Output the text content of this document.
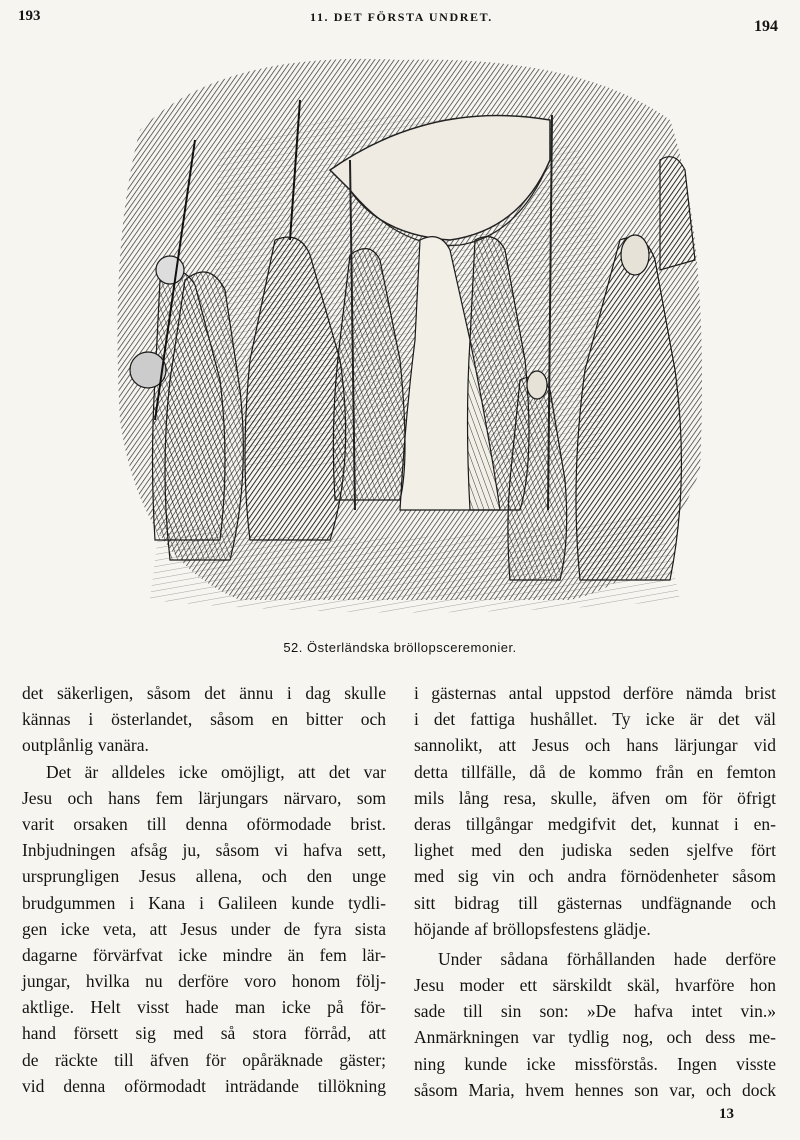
193	11. DET FÖRSTA UNDRET.
194
52. Österländska bröllopsceremonier.
det säkerligen, såsom det ännu i dag skulle
kännas i österlandet, såsom en bitter och
outplånlig vanära.
Det är alldeles icke omöjligt, att det var
Jesu och hans fem lärjungars närvaro, som
varit orsaken till denna oförmodade brist.
Inbjudningen afsåg ju, såsom vi hafva sett,
ursprungligen Jesus allena, och den unge
brudgummen i Kana i Galileen kunde tydli-
gen icke veta, att Jesus under de fyra sista
dagarne förvärfvat icke mindre än fem lär-
jungar, hvilka nu derföre voro honom följ-
aktlige. Helt visst hade man icke på för-
hand försett sig med så stora förråd, att
de räckte till äfven för opåräknade gäster;
vid denna oförmodadt inträdande tillökning
i gästernas antal uppstod derföre nämda brist
i det fattiga hushållet. Ty icke är det väl
sannolikt, att Jesus och hans lärjungar vid
detta tillfälle, då de kommo från en femton
mils lång resa, skulle, äfven om för öfrigt
deras tillgångar medgifvit det, kunnat i en-
lighet med den judiska seden sjelfve fört
med sig vin och andra förnödenheter såsom
sitt bidrag till gästernas undfägnande och
höjande af bröllopsfestens glädje.
Under sådana förhållanden hade derföre
Jesu moder ett särskildt skäl, hvarföre hon
sade till sin son: »De hafva intet vin.»
Anmärkningen var tydlig nog, och dess me-
ning kunde icke missförstås. Ingen visste
såsom Maria, hvem hennes son var, och dock
13
